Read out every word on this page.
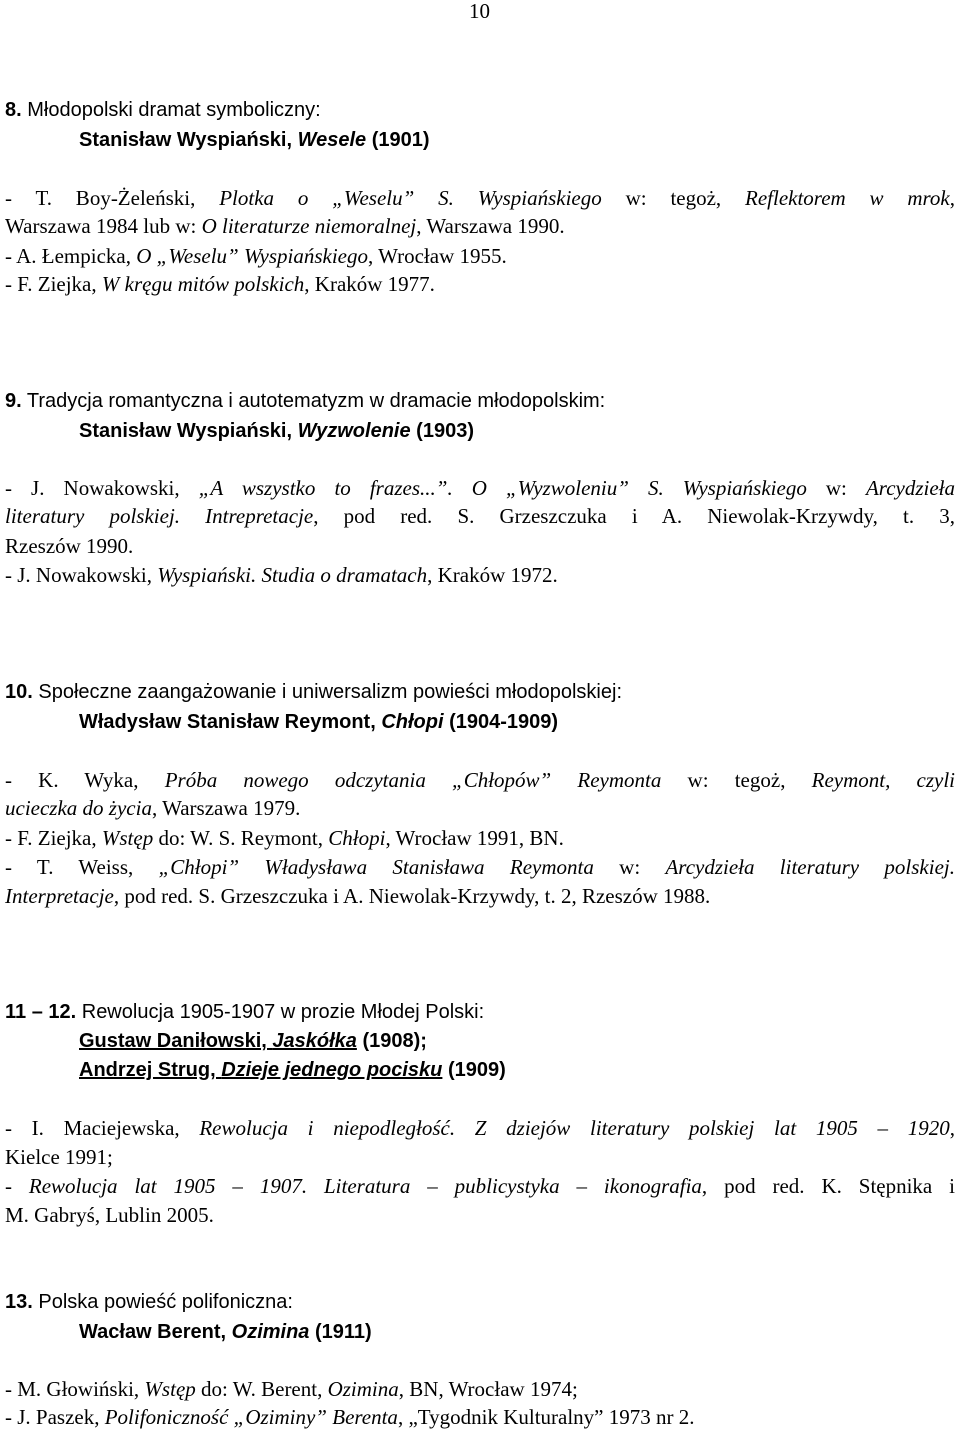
10
8. Młodopolski dramat symboliczny:
Stanisław Wyspiański, Wesele (1901)
- T. Boy-Żeleński, Plotka o „Weselu” S. Wyspiańskiego w: tegoż, Reflektorem w mrok,
Warszawa 1984 lub w: O literaturze niemoralnej, Warszawa 1990.
- A. Łempicka, O „Weselu” Wyspiańskiego, Wrocław 1955.
- F. Ziejka, W kręgu mitów polskich, Kraków 1977.
9. Tradycja romantyczna i autotematyzm w dramacie młodopolskim:
Stanisław Wyspiański, Wyzwolenie (1903)
- J. Nowakowski, „A wszystko to frazes...”. O „Wyzwoleniu” S. Wyspiańskiego w: Arcydzieła
literatury polskiej. Intrepretacje, pod red. S. Grzeszczuka i A. Niewolak-Krzywdy, t. 3,
Rzeszów 1990.
- J. Nowakowski, Wyspiański. Studia o dramatach, Kraków 1972.
10. Społeczne zaangażowanie i uniwersalizm powieści młodopolskiej:
Władysław Stanisław Reymont, Chłopi (1904-1909)
- K. Wyka, Próba nowego odczytania „Chłopów” Reymonta w: tegoż, Reymont, czyli
ucieczka do życia, Warszawa 1979.
- F. Ziejka, Wstęp do: W. S. Reymont, Chłopi, Wrocław 1991, BN.
- T. Weiss, „Chłopi” Władysława Stanisława Reymonta w: Arcydzieła literatury polskiej.
Interpretacje, pod red. S. Grzeszczuka i A. Niewolak-Krzywdy, t. 2, Rzeszów 1988.
11 – 12. Rewolucja 1905-1907 w prozie Młodej Polski:
Gustaw Daniłowski, Jaskółka (1908);
Andrzej Strug, Dzieje jednego pocisku (1909)
- I. Maciejewska, Rewolucja i niepodległość. Z dziejów literatury polskiej lat 1905 – 1920,
Kielce 1991;
- Rewolucja lat 1905 – 1907. Literatura – publicystyka – ikonografia, pod red. K. Stępnika i
M. Gabryś, Lublin 2005.
13. Polska powieść polifoniczna:
Wacław Berent, Ozimina (1911)
- M. Głowiński, Wstęp do: W. Berent, Ozimina, BN, Wrocław 1974;
- J. Paszek, Polifoniczność „Oziminy” Berenta, „Tygodnik Kulturalny” 1973 nr 2.
